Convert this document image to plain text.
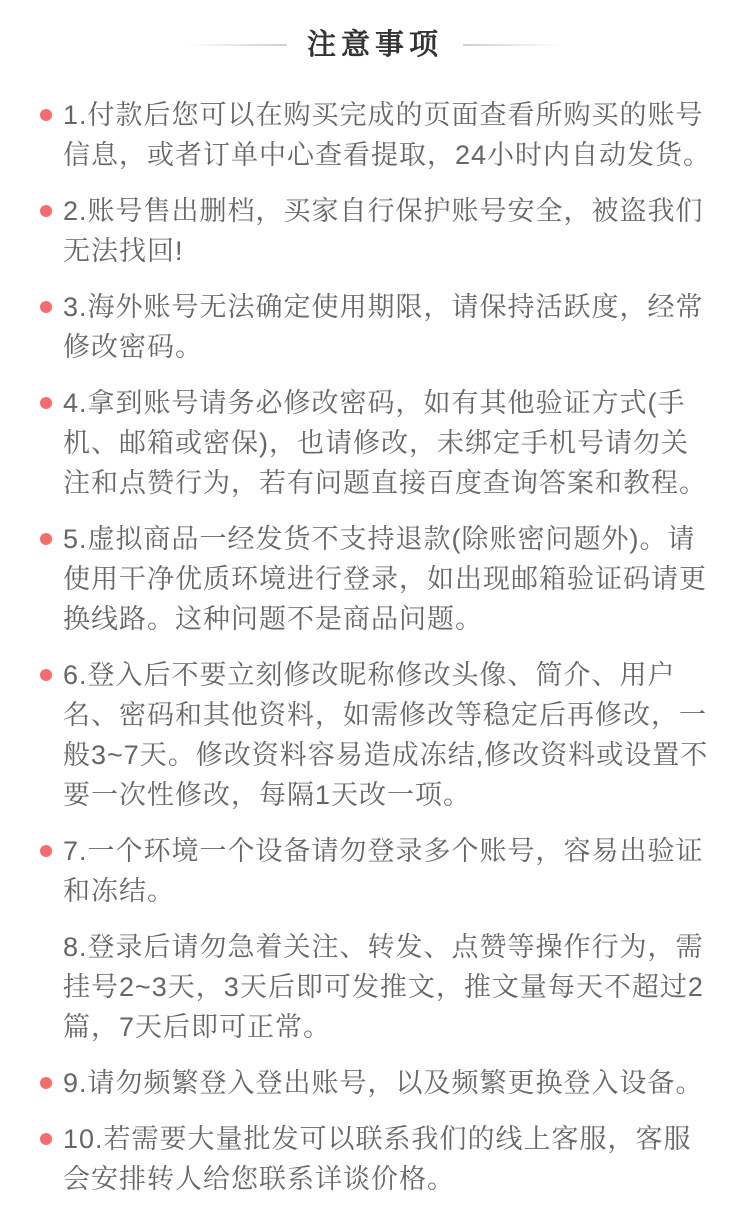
注意事项
1.付款后您可以在购买完成的页面查看所购买的账号信息，或者订单中心查看提取，24小时内自动发货。
2.账号售出删档，买家自行保护账号安全，被盗我们无法找回!
3.海外账号无法确定使用期限，请保持活跃度，经常修改密码。
4.拿到账号请务必修改密码，如有其他验证方式(手机、邮箱或密保)，也请修改，未绑定手机号请勿关注和点赞行为，若有问题直接百度查询答案和教程。
5.虚拟商品一经发货不支持退款(除账密问题外)。请使用干净优质环境进行登录，如出现邮箱验证码请更换线路。这种问题不是商品问题。
6.登入后不要立刻修改昵称修改头像、简介、用户名、密码和其他资料，如需修改等稳定后再修改，一般3~7天。修改资料容易造成冻结,修改资料或设置不要一次性修改，每隔1天改一项。
7.一个环境一个设备请勿登录多个账号，容易出验证和冻结。
8.登录后请勿急着关注、转发、点赞等操作行为，需挂号2~3天，3天后即可发推文，推文量每天不超过2篇，7天后即可正常。
9.请勿频繁登入登出账号，以及频繁更换登入设备。
10.若需要大量批发可以联系我们的线上客服，客服会安排转人给您联系详谈价格。
